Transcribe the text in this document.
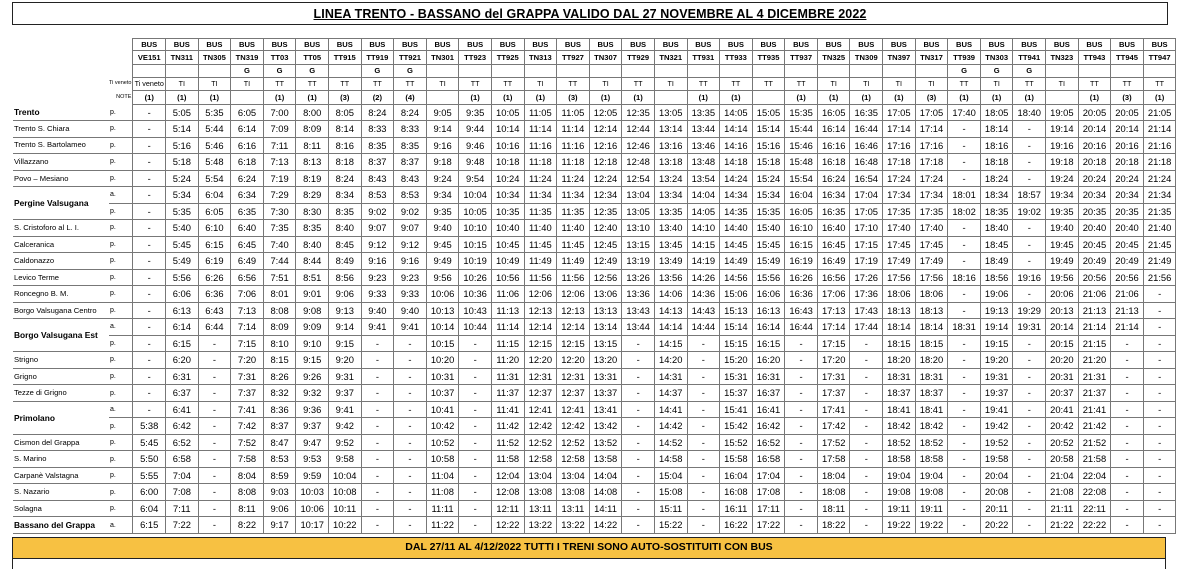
LINEA TRENTO - BASSANO del GRAPPA VALIDO DAL 27 NOVEMBRE AL 4 DICEMBRE 2022
		BUS	BUS	BUS	BUS	BUS	BUS	BUS	BUS	BUS	BUS	BUS	BUS	BUS	BUS	BUS	BUS	BUS	BUS	BUS	BUS	BUS	BUS	BUS	BUS	BUS	BUS	BUS	BUS	BUS	BUS	BUS	BUS
		VE151	TN311	TN305	TN319	TT03	TT05	TT915	TT919	TT921	TN301	TT923	TT925	TN313	TT927	TN307	TT929	TN321	TT931	TT933	TT935	TT937	TN325	TN309	TN397	TN317	TT939	TN303	TT941	TN323	TT943	TT945	TT947
					G	G	G		G	G																	G	G	G				
	Ti veneto	Ti veneto	TI	TI	TI	TT	TT	TT	TT	TT	TI	TT	TT	TI	TT	TI	TT	TI	TT	TT	TT	TT	TI	TI	TI	TI	TT	TI	TT	TI	TT	TT	TT
	NOTE	(1)	(1)	(1)		(1)	(1)	(3)	(2)	(4)		(1)	(1)	(1)	(3)	(1)	(1)		(1)	(1)		(1)	(1)	(1)	(1)	(3)	(1)	(1)	(1)		(1)	(3)	(1)
Trento	p.	-	5:05	5:35	6:05	7:00	8:00	8:05	8:24	8:24	9:05	9:35	10:05	11:05	11:05	12:05	12:35	13:05	13:35	14:05	15:05	15:35	16:05	16:35	17:05	17:05	17:40	18:05	18:40	19:05	20:05	20:05	21:05
Trento S. Chiara	p.	-	5:14	5:44	6:14	7:09	8:09	8:14	8:33	8:33	9:14	9:44	10:14	11:14	11:14	12:14	12:44	13:14	13:44	14:14	15:14	15:44	16:14	16:44	17:14	17:14	-	18:14	-	19:14	20:14	20:14	21:14
Trento S. Bartolameo	p.	-	5:16	5:46	6:16	7:11	8:11	8:16	8:35	8:35	9:16	9:46	10:16	11:16	11:16	12:16	12:46	13:16	13:46	14:16	15:16	15:46	16:16	16:46	17:16	17:16	-	18:16	-	19:16	20:16	20:16	21:16
Villazzano	p.	-	5:18	5:48	6:18	7:13	8:13	8:18	8:37	8:37	9:18	9:48	10:18	11:18	11:18	12:18	12:48	13:18	13:48	14:18	15:18	15:48	16:18	16:48	17:18	17:18	-	18:18	-	19:18	20:18	20:18	21:18
Povo – Mesiano	p.	-	5:24	5:54	6:24	7:19	8:19	8:24	8:43	8:43	9:24	9:54	10:24	11:24	11:24	12:24	12:54	13:24	13:54	14:24	15:24	15:54	16:24	16:54	17:24	17:24	-	18:24	-	19:24	20:24	20:24	21:24
Pergine Valsugana	a.	-	5:34	6:04	6:34	7:29	8:29	8:34	8:53	8:53	9:34	10:04	10:34	11:34	11:34	12:34	13:04	13:34	14:04	14:34	15:34	16:04	16:34	17:04	17:34	17:34	18:01	18:34	18:57	19:34	20:34	20:34	21:34
	p.	-	5:35	6:05	6:35	7:30	8:30	8:35	9:02	9:02	9:35	10:05	10:35	11:35	11:35	12:35	13:05	13:35	14:05	14:35	15:35	16:05	16:35	17:05	17:35	17:35	18:02	18:35	19:02	19:35	20:35	20:35	21:35
S. Cristoforo al L. I.	p.	-	5:40	6:10	6:40	7:35	8:35	8:40	9:07	9:07	9:40	10:10	10:40	11:40	11:40	12:40	13:10	13:40	14:10	14:40	15:40	16:10	16:40	17:10	17:40	17:40	-	18:40	-	19:40	20:40	20:40	21:40
Calceranica	p.	-	5:45	6:15	6:45	7:40	8:40	8:45	9:12	9:12	9:45	10:15	10:45	11:45	11:45	12:45	13:15	13:45	14:15	14:45	15:45	16:15	16:45	17:15	17:45	17:45	-	18:45	-	19:45	20:45	20:45	21:45
Caldonazzo	p.	-	5:49	6:19	6:49	7:44	8:44	8:49	9:16	9:16	9:49	10:19	10:49	11:49	11:49	12:49	13:19	13:49	14:19	14:49	15:49	16:19	16:49	17:19	17:49	17:49	-	18:49	-	19:49	20:49	20:49	21:49
Levico Terme	p.	-	5:56	6:26	6:56	7:51	8:51	8:56	9:23	9:23	9:56	10:26	10:56	11:56	11:56	12:56	13:26	13:56	14:26	14:56	15:56	16:26	16:56	17:26	17:56	17:56	18:16	18:56	19:16	19:56	20:56	20:56	21:56
Roncegno B. M.	p.	-	6:06	6:36	7:06	8:01	9:01	9:06	9:33	9:33	10:06	10:36	11:06	12:06	12:06	13:06	13:36	14:06	14:36	15:06	16:06	16:36	17:06	17:36	18:06	18:06	-	19:06	-	20:06	21:06	21:06	-
Borgo Valsugana Centro	p.	-	6:13	6:43	7:13	8:08	9:08	9:13	9:40	9:40	10:13	10:43	11:13	12:13	12:13	13:13	13:43	14:13	14:43	15:13	16:13	16:43	17:13	17:43	18:13	18:13	-	19:13	19:29	20:13	21:13	21:13	-
Borgo Valsugana Est	a.	-	6:14	6:44	7:14	8:09	9:09	9:14	9:41	9:41	10:14	10:44	11:14	12:14	12:14	13:14	13:44	14:14	14:44	15:14	16:14	16:44	17:14	17:44	18:14	18:14	18:31	19:14	19:31	20:14	21:14	21:14	-
	p.	-	6:15	-	7:15	8:10	9:10	9:15	-	-	10:15	-	11:15	12:15	12:15	13:15	-	14:15	-	15:15	16:15	-	17:15	-	18:15	18:15	-	19:15	-	20:15	21:15	-	-
Strigno	p.	-	6:20	-	7:20	8:15	9:15	9:20	-	-	10:20	-	11:20	12:20	12:20	13:20	-	14:20	-	15:20	16:20	-	17:20	-	18:20	18:20	-	19:20	-	20:20	21:20	-	-
Grigno	p.	-	6:31	-	7:31	8:26	9:26	9:31	-	-	10:31	-	11:31	12:31	12:31	13:31	-	14:31	-	15:31	16:31	-	17:31	-	18:31	18:31	-	19:31	-	20:31	21:31	-	-
Tezze di Grigno	p.	-	6:37	-	7:37	8:32	9:32	9:37	-	-	10:37	-	11:37	12:37	12:37	13:37	-	14:37	-	15:37	16:37	-	17:37	-	18:37	18:37	-	19:37	-	20:37	21:37	-	-
Primolano	a.	-	6:41	-	7:41	8:36	9:36	9:41	-	-	10:41	-	11:41	12:41	12:41	13:41	-	14:41	-	15:41	16:41	-	17:41	-	18:41	18:41	-	19:41	-	20:41	21:41	-	-
	p.	5:38	6:42	-	7:42	8:37	9:37	9:42	-	-	10:42	-	11:42	12:42	12:42	13:42	-	14:42	-	15:42	16:42	-	17:42	-	18:42	18:42	-	19:42	-	20:42	21:42	-	-
Cismon del Grappa	p.	5:45	6:52	-	7:52	8:47	9:47	9:52	-	-	10:52	-	11:52	12:52	12:52	13:52	-	14:52	-	15:52	16:52	-	17:52	-	18:52	18:52	-	19:52	-	20:52	21:52	-	-
S. Marino	p.	5:50	6:58	-	7:58	8:53	9:53	9:58	-	-	10:58	-	11:58	12:58	12:58	13:58	-	14:58	-	15:58	16:58	-	17:58	-	18:58	18:58	-	19:58	-	20:58	21:58	-	-
Carpanè Valstagna	p.	5:55	7:04	-	8:04	8:59	9:59	10:04	-	-	11:04	-	12:04	13:04	13:04	14:04	-	15:04	-	16:04	17:04	-	18:04	-	19:04	19:04	-	20:04	-	21:04	22:04	-	-
S. Nazario	p.	6:00	7:08	-	8:08	9:03	10:03	10:08	-	-	11:08	-	12:08	13:08	13:08	14:08	-	15:08	-	16:08	17:08	-	18:08	-	19:08	19:08	-	20:08	-	21:08	22:08	-	-
Solagna	p.	6:04	7:11	-	8:11	9:06	10:06	10:11	-	-	11:11	-	12:11	13:11	13:11	14:11	-	15:11	-	16:11	17:11	-	18:11	-	19:11	19:11	-	20:11	-	21:11	22:11	-	-
Bassano del Grappa	a.	6:15	7:22	-	8:22	9:17	10:17	10:22	-	-	11:22	-	12:22	13:22	13:22	14:22	-	15:22	-	16:22	17:22	-	18:22	-	19:22	19:22	-	20:22	-	21:22	22:22	-	-
DAL 27/11 AL 4/12/2022 TUTTI I TRENI SONO AUTO-SOSTITUITI CON BUS
